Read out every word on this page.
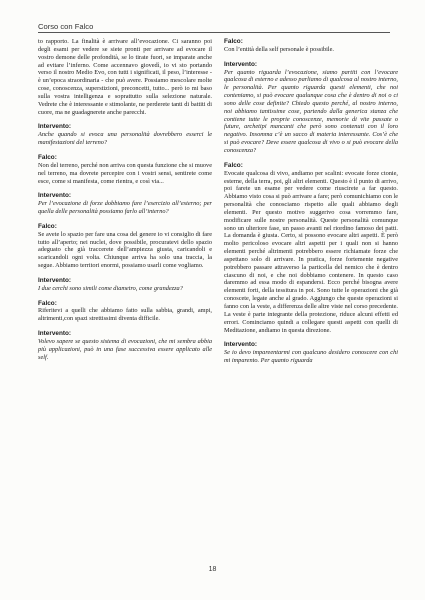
Corso con Falco

to rapporto. La finalità è arrivare all’evocazione. Ci saranno poi degli esami per vedere se siete pronti per arrivare ad evocare il vostro demone delle profondità, se lo tirate fuori, se imparate anche ad evitare l’inferno. Come accennavo giovedì, io vi sto portando verso il nostro Medio Evo, con tutti i significati, il peso, l’interesse - è un’epoca straordinaria - che può avere. Possiamo mescolare molte cose, conoscenza, superstizioni, preconcetti, tutto... però io mi baso sulla vostra intelligenza e soprattutto sulla selezione naturale. Vedrete che è interessante e stimolante, ne perderete tanti di battiti di cuore, ma ne guadagnerete anche parecchi.

Intervento:

Anche quando si evoca una personalità dovrebbero esserci le manifestazioni del terreno?

Falco:

Non del terreno, perché non arriva con questa funzione che si muove nel terreno, ma dovrete percepire con i vostri sensi, sentirete come esce, come si manifesta, come rientra, e così via...

Intervento:

Per l’evocazione di forze dobbiamo fare l’esercizio all’esterno; per quella delle personalità possiamo farlo all’interno?

Falco:

Se avete lo spazio per fare una cosa del genere io vi consiglio di fare tutto all’aperto; nei nuclei, dove possibile, procuratevi dello spazio adeguato che già traccerete dell’ampiezza giusta, caricandoli e scaricandoli ogni volta. Chiunque arriva ha solo una traccia, la segue. Abbiamo territori enormi, possiamo usarli come vogliamo.

Intervento:

I due cerchi sono simili come diametro, come grandezza?

Falco:

Riferitevi a quelli che abbiamo fatto sulla sabbia, grandi, ampi, altrimenti,con spazi strettissimi diventa difficile.

Intervento:

Volevo sapere se questo sistema di evocazioni, che mi sembra abbia più applicazioni, può in una fase successiva essere applicato alle self.

Falco:

Con l’entità della self personale è possibile.

Intervento:

Per quanto riguarda l’evocazione, siamo partiti con l’evocare qualcosa di esterno e adesso parliamo di qualcosa al nostro interno, le personalità. Per quanto riguarda questi elementi, che noi conteniamo, si può evocare qualunque cosa che è dentro di noi o ci sono delle cose definite? Chiedo questo perché, al nostro interno, noi abbiamo tantissime cose, partendo dalla generica stanza che contiene tutte le proprie conoscenze, memorie di vite passate o future, archetipi mancanti che però sono contenuti con il loro negativo. Insomma c’è un sacco di materia interessante. Cos’è che si può evocare? Deve essere qualcosa di vivo o si può evocare della conoscenza?

Falco:

Evocate qualcosa di vivo, andiamo per scalini: evocate forze ctonie, esterne, della terra, poi, gli altri elementi. Questo è il punto di arrivo, poi farete un esame per vedere come riuscirete a far questo. Abbiamo visto cosa si può arrivare a fare; però comunichiamo con le personalità che conosciamo rispetto alle quali abbiamo degli elementi. Per questo motivo suggerivo cosa vorremmo fare, modificare sulle nostre personalità. Queste personalità comunque sono un ulteriore fase, un passo avanti nel riordino famoso dei patti. La domanda è giusta. Certo, si possono evocare altri aspetti. È però molto pericoloso evocare altri aspetti per i quali non si hanno elementi perché altrimenti potrebbero essere richiamate forze che aspettano solo di arrivare. In pratica, forze fortemente negative potrebbero passare attraverso la particella del nemico che è dentro ciascuno di noi, e che noi dobbiamo contenere. In questo caso daremmo ad essa modo di espandersi. Ecco perché bisogna avere elementi forti, della tessitura in poi. Sono tutte le operazioni che già conoscete, legate anche al grado. Aggiungo che queste operazioni si fanno con la veste, a differenza delle altre viste nel corso precedente. La veste è parte integrante della protezione, riduce alcuni effetti ed errori. Cominciamo quindi a collegare questi aspetti con quelli di Meditazione, andiamo in questa direzione.

Intervento:

Se io devo impareentarmi con qualcuno desidero conoscere con chi mi imparento. Per quanto riguarda

18
